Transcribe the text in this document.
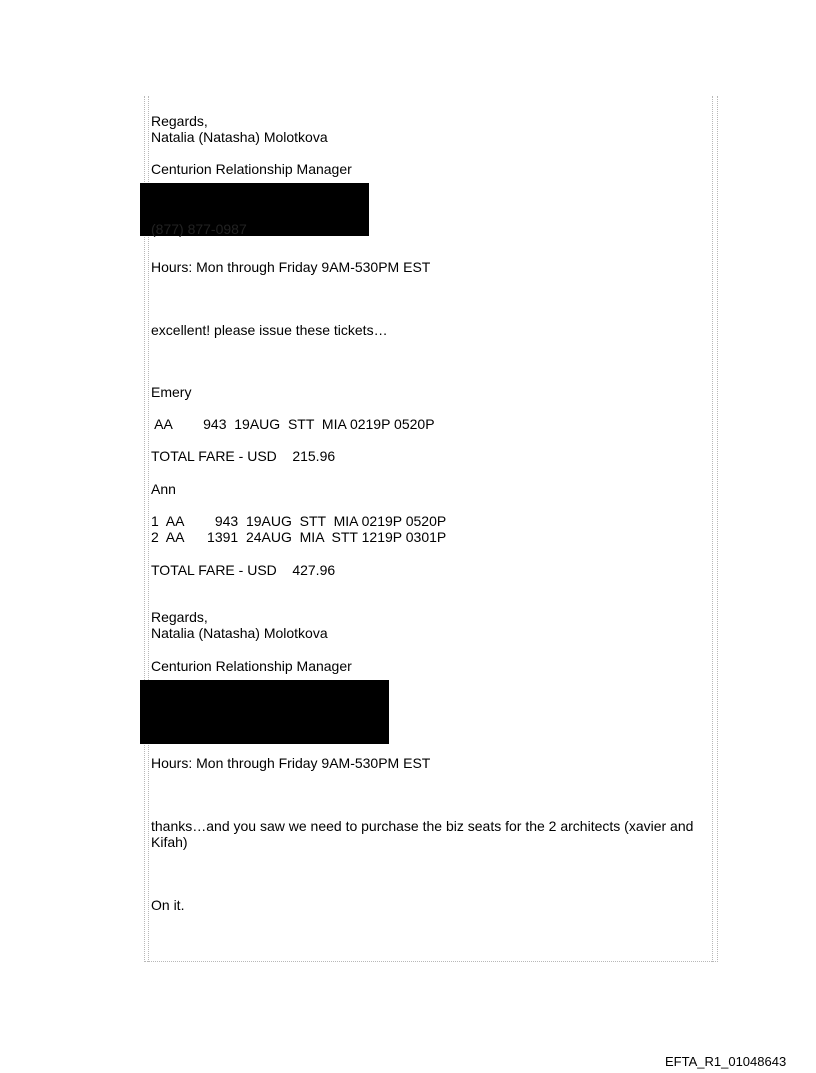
Regards,
Natalia (Natasha) Molotkova
Centurion Relationship Manager
(877) 877-0987
Hours: Mon through Friday 9AM-530PM EST
excellent! please issue these tickets…
Emery
AA        943  19AUG  STT  MIA 0219P 0520P
TOTAL FARE - USD    215.96
Ann
1  AA        943  19AUG  STT  MIA 0219P 0520P
2  AA      1391  24AUG  MIA  STT 1219P 0301P
TOTAL FARE - USD    427.96
Regards,
Natalia (Natasha) Molotkova
Centurion Relationship Manager
Hours: Mon through Friday 9AM-530PM EST
thanks…and you saw we need to purchase the biz seats for the 2 architects (xavier and
Kifah)
On it.
EFTA_R1_01048643
